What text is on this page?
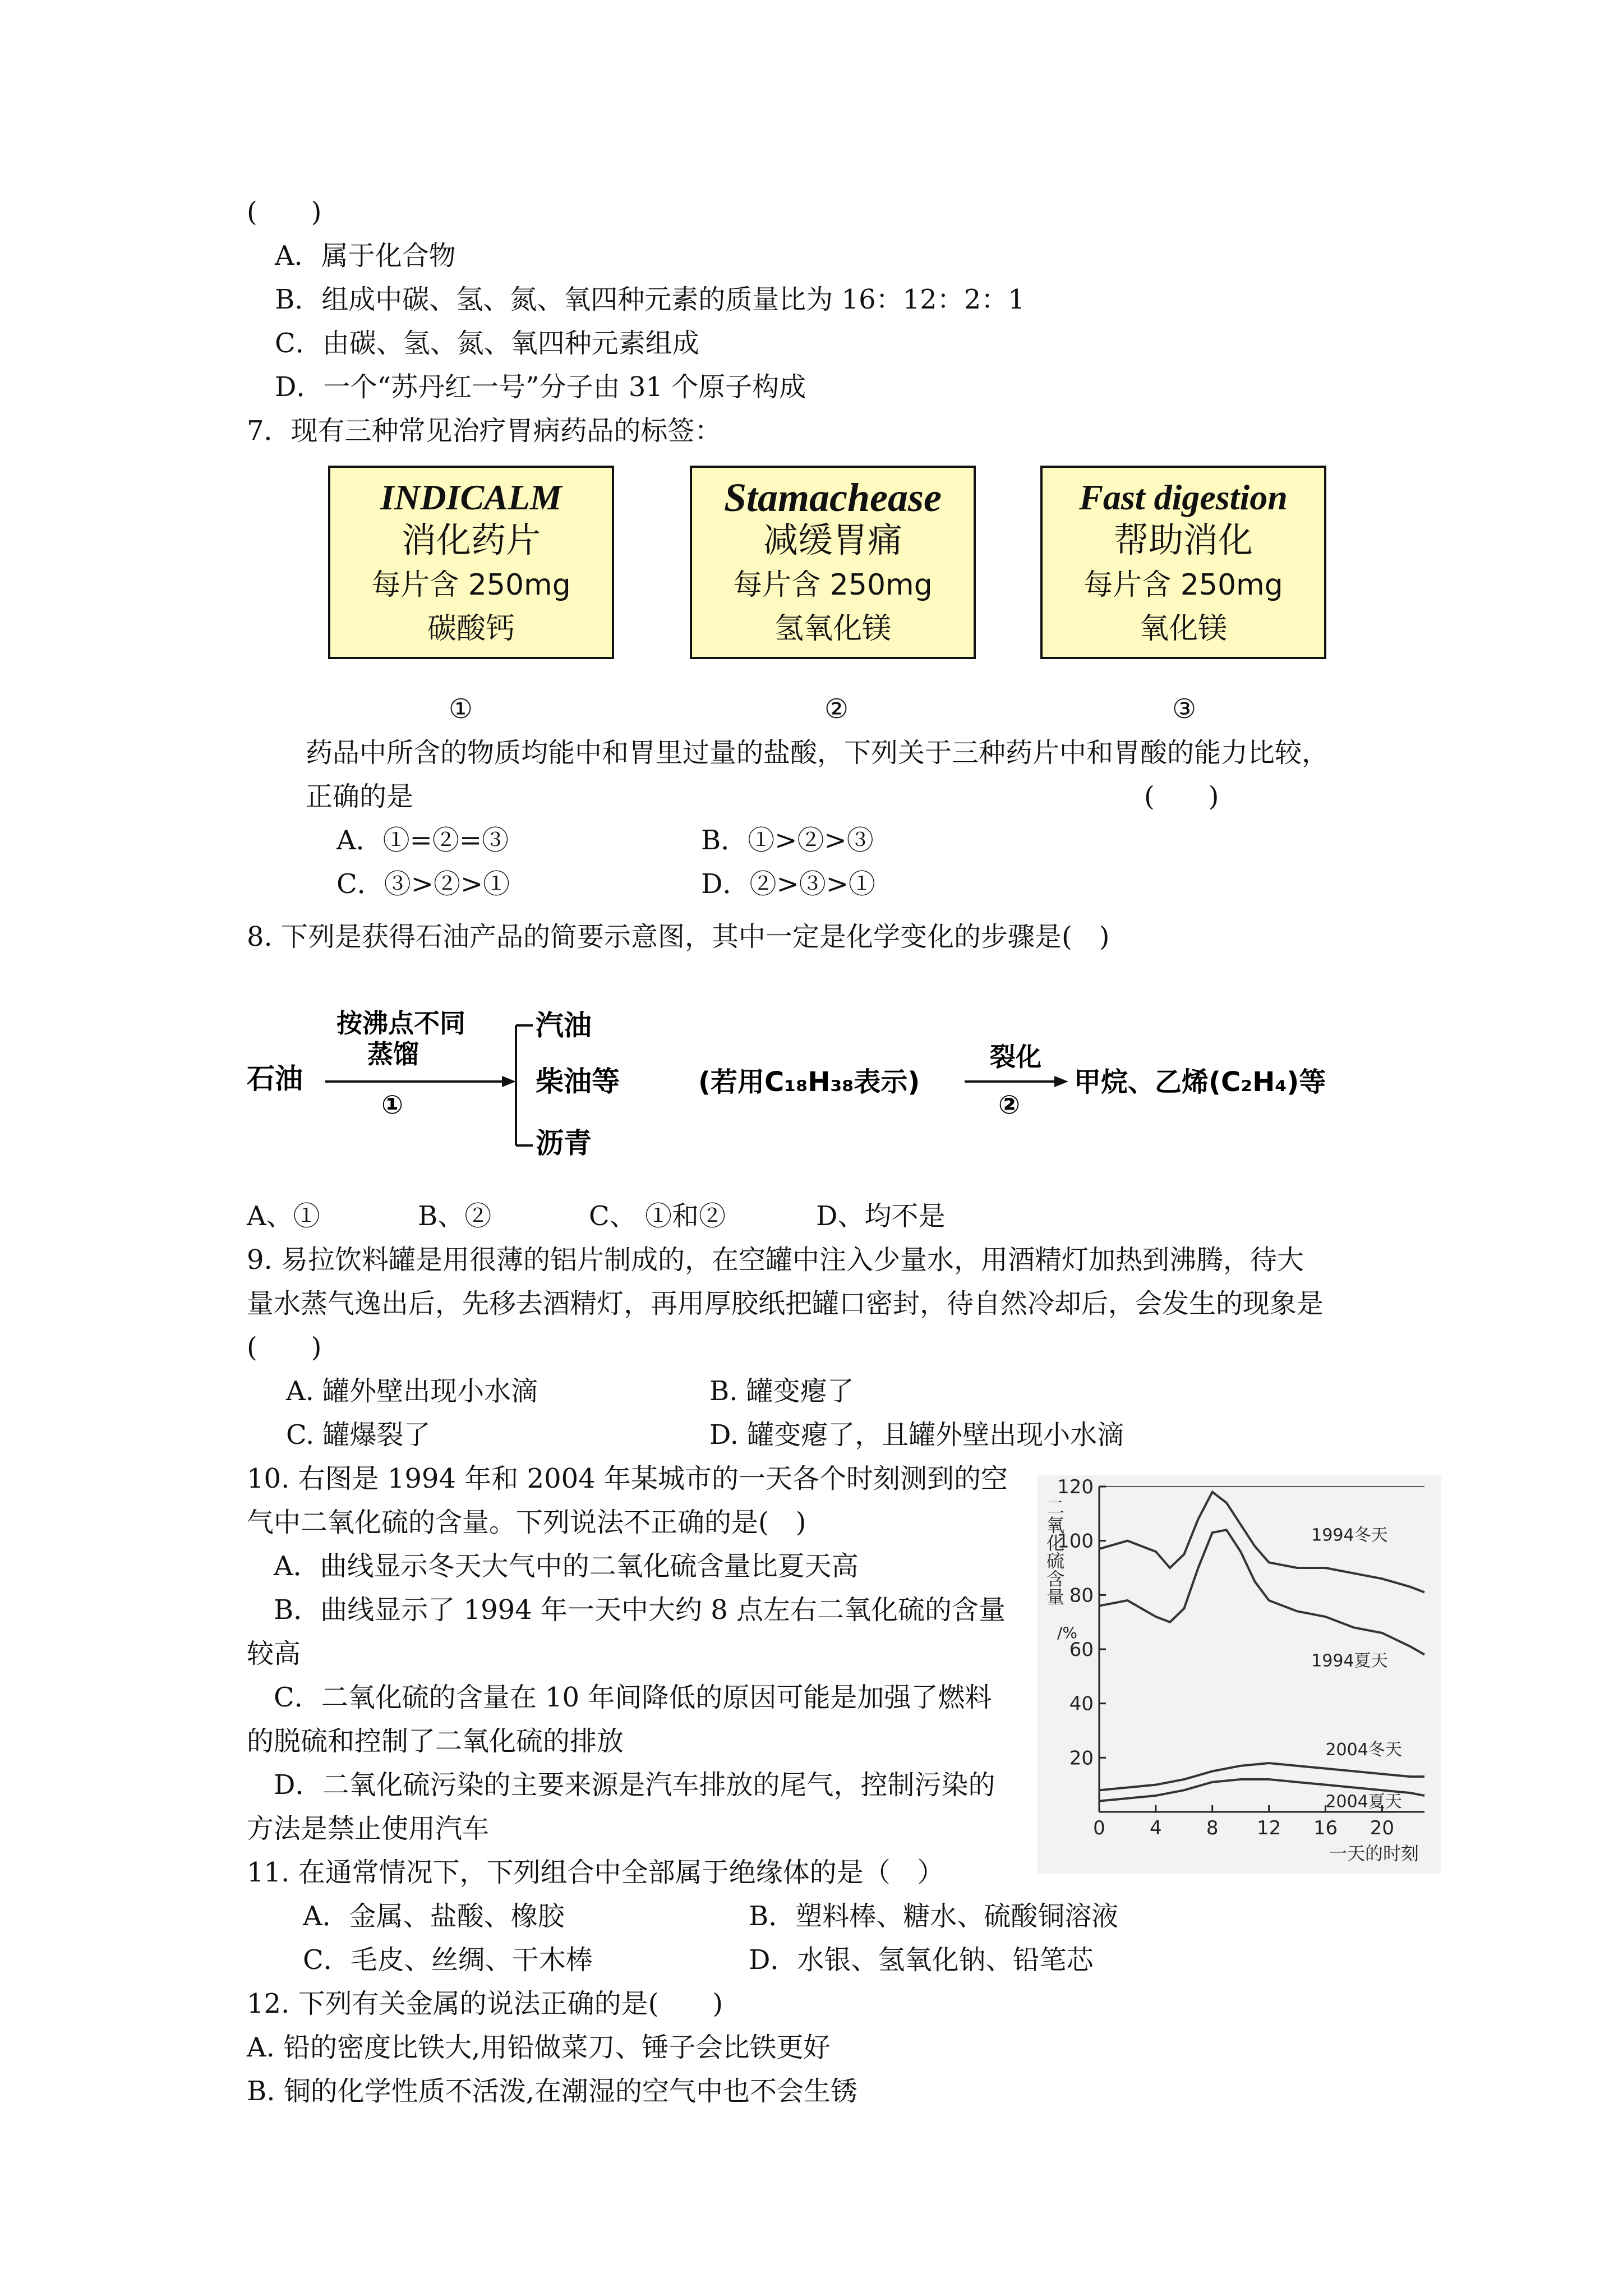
(　　)
A．属于化合物
B．组成中碳、氢、氮、氧四种元素的质量比为 16：12：2：1
C．由碳、氢、氮、氧四种元素组成
D．一个“苏丹红一号”分子由 31 个原子构成
7．现有三种常见治疗胃病药品的标签：
INDICALM
消化药片
每片含 250mg
碳酸钙
Stamachease
减缓胃痛
每片含 250mg
氢氧化镁
Fast digestion
帮助消化
每片含 250mg
氧化镁
①	②	③
药品中所含的物质均能中和胃里过量的盐酸，下列关于三种药片中和胃酸的能力比较，
正确的是	(　　)
A．①=②=③	B．①>②>③
C．③>②>①	D．②>③>①
8. 下列是获得石油产品的简要示意图，其中一定是化学变化的步骤是(　)
石油
按沸点不同
蒸馏
①
汽油
柴油等
沥青
(若用C₁₈H₃₈表示)
裂化
②
甲烷、乙烯(C₂H₄)等
A、①	B、②	C、 ①和②	D、均不是
9. 易拉饮料罐是用很薄的铝片制成的，在空罐中注入少量水，用酒精灯加热到沸腾，待大
量水蒸气逸出后，先移去酒精灯，再用厚胶纸把罐口密封，待自然冷却后，会发生的现象是
(　　)
A. 罐外壁出现小水滴	B. 罐变瘪了
C. 罐爆裂了	D. 罐变瘪了，且罐外壁出现小水滴
10. 右图是 1994 年和 2004 年某城市的一天各个时刻测到的空
气中二氧化硫的含量。下列说法不正确的是(　)
　A．曲线显示冬天大气中的二氧化硫含量比夏天高
　B．曲线显示了 1994 年一天中大约 8 点左右二氧化硫的含量
较高
　C．二氧化硫的含量在 10 年间降低的原因可能是加强了燃料
的脱硫和控制了二氧化硫的排放
　D．二氧化硫污染的主要来源是汽车排放的尾气，控制污染的
方法是禁止使用汽车
20
40
60
80
100
120
0 4 8 12 16 20
1994冬天
1994夏天
2004冬天
2004夏天
二氧化硫含量
/%
一天的时刻
11. 在通常情况下，下列组合中全部属于绝缘体的是（　）
A．金属、盐酸、橡胶	B．塑料棒、糖水、硫酸铜溶液
C．毛皮、丝绸、干木棒	D．水银、氢氧化钠、铅笔芯
12. 下列有关金属的说法正确的是(　　)
A. 铅的密度比铁大,用铅做菜刀、锤子会比铁更好
B. 铜的化学性质不活泼,在潮湿的空气中也不会生锈
